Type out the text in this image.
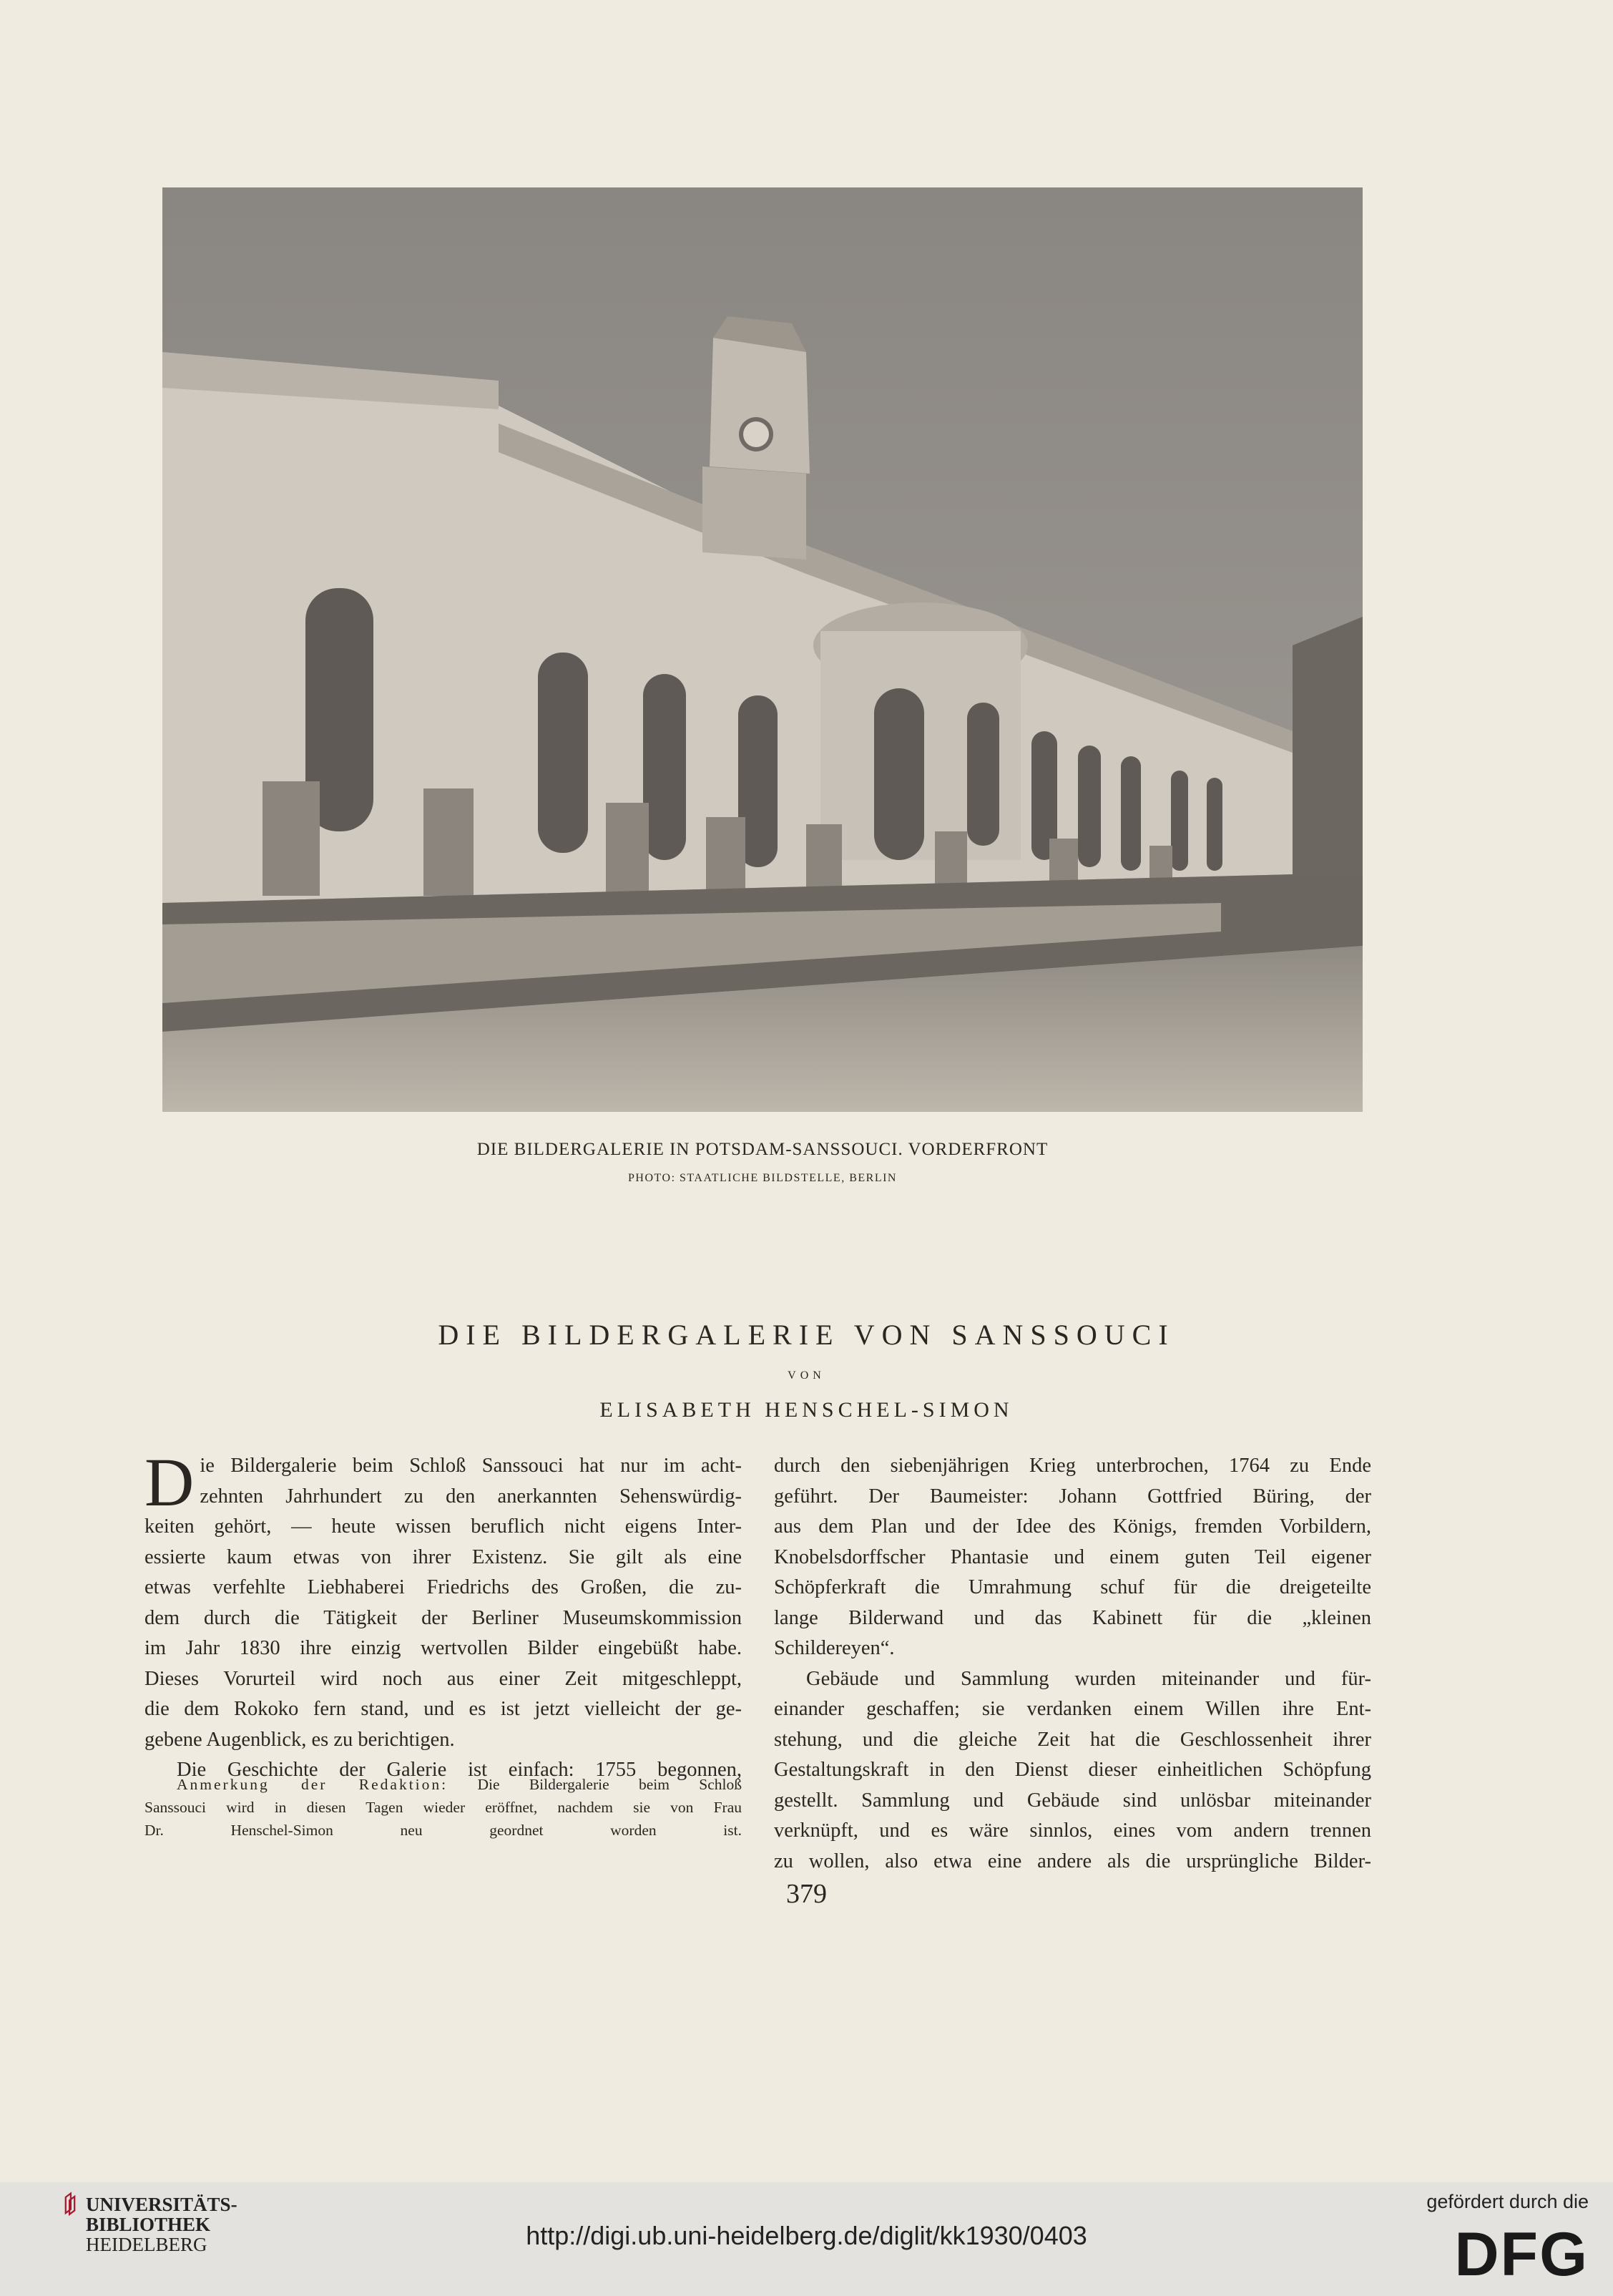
DIE BILDERGALERIE IN POTSDAM-SANSSOUCI. VORDERFRONT
PHOTO: STAATLICHE BILDSTELLE, BERLIN
DIE BILDERGALERIE VON SANSSOUCI
VON
ELISABETH HENSCHEL-SIMON
D ie Bildergalerie beim Schloß Sanssouci hat nur im acht-
zehnten Jahrhundert zu den anerkannten Sehenswürdig-
keiten gehört, — heute wissen beruflich nicht eigens Inter-
essierte kaum etwas von ihrer Existenz. Sie gilt als eine
etwas verfehlte Liebhaberei Friedrichs des Großen, die zu-
dem durch die Tätigkeit der Berliner Museumskommission
im Jahr 1830 ihre einzig wertvollen Bilder eingebüßt habe.
Dieses Vorurteil wird noch aus einer Zeit mitgeschleppt,
die dem Rokoko fern stand, und es ist jetzt vielleicht der ge-
gebene Augenblick, es zu berichtigen.
Die Geschichte der Galerie ist einfach: 1755 begonnen,
Anmerkung der Redaktion: Die Bildergalerie beim Schloß
Sanssouci wird in diesen Tagen wieder eröffnet, nachdem sie von Frau
Dr. Henschel-Simon neu geordnet worden ist.
durch den siebenjährigen Krieg unterbrochen, 1764 zu Ende
geführt. Der Baumeister: Johann Gottfried Büring, der
aus dem Plan und der Idee des Königs, fremden Vorbildern,
Knobelsdorffscher Phantasie und einem guten Teil eigener
Schöpferkraft die Umrahmung schuf für die dreigeteilte
lange Bilderwand und das Kabinett für die „kleinen
Schildereyen“.
Gebäude und Sammlung wurden miteinander und für-
einander geschaffen; sie verdanken einem Willen ihre Ent-
stehung, und die gleiche Zeit hat die Geschlossenheit ihrer
Gestaltungskraft in den Dienst dieser einheitlichen Schöpfung
gestellt. Sammlung und Gebäude sind unlösbar miteinander
verknüpft, und es wäre sinnlos, eines vom andern trennen
zu wollen, also etwa eine andere als die ursprüngliche Bilder-
379
UNIVERSITÄTS-
BIBLIOTHEK
HEIDELBERG	http://digi.ub.uni-heidelberg.de/diglit/kk1930/0403
gefördert durch die
DFG
